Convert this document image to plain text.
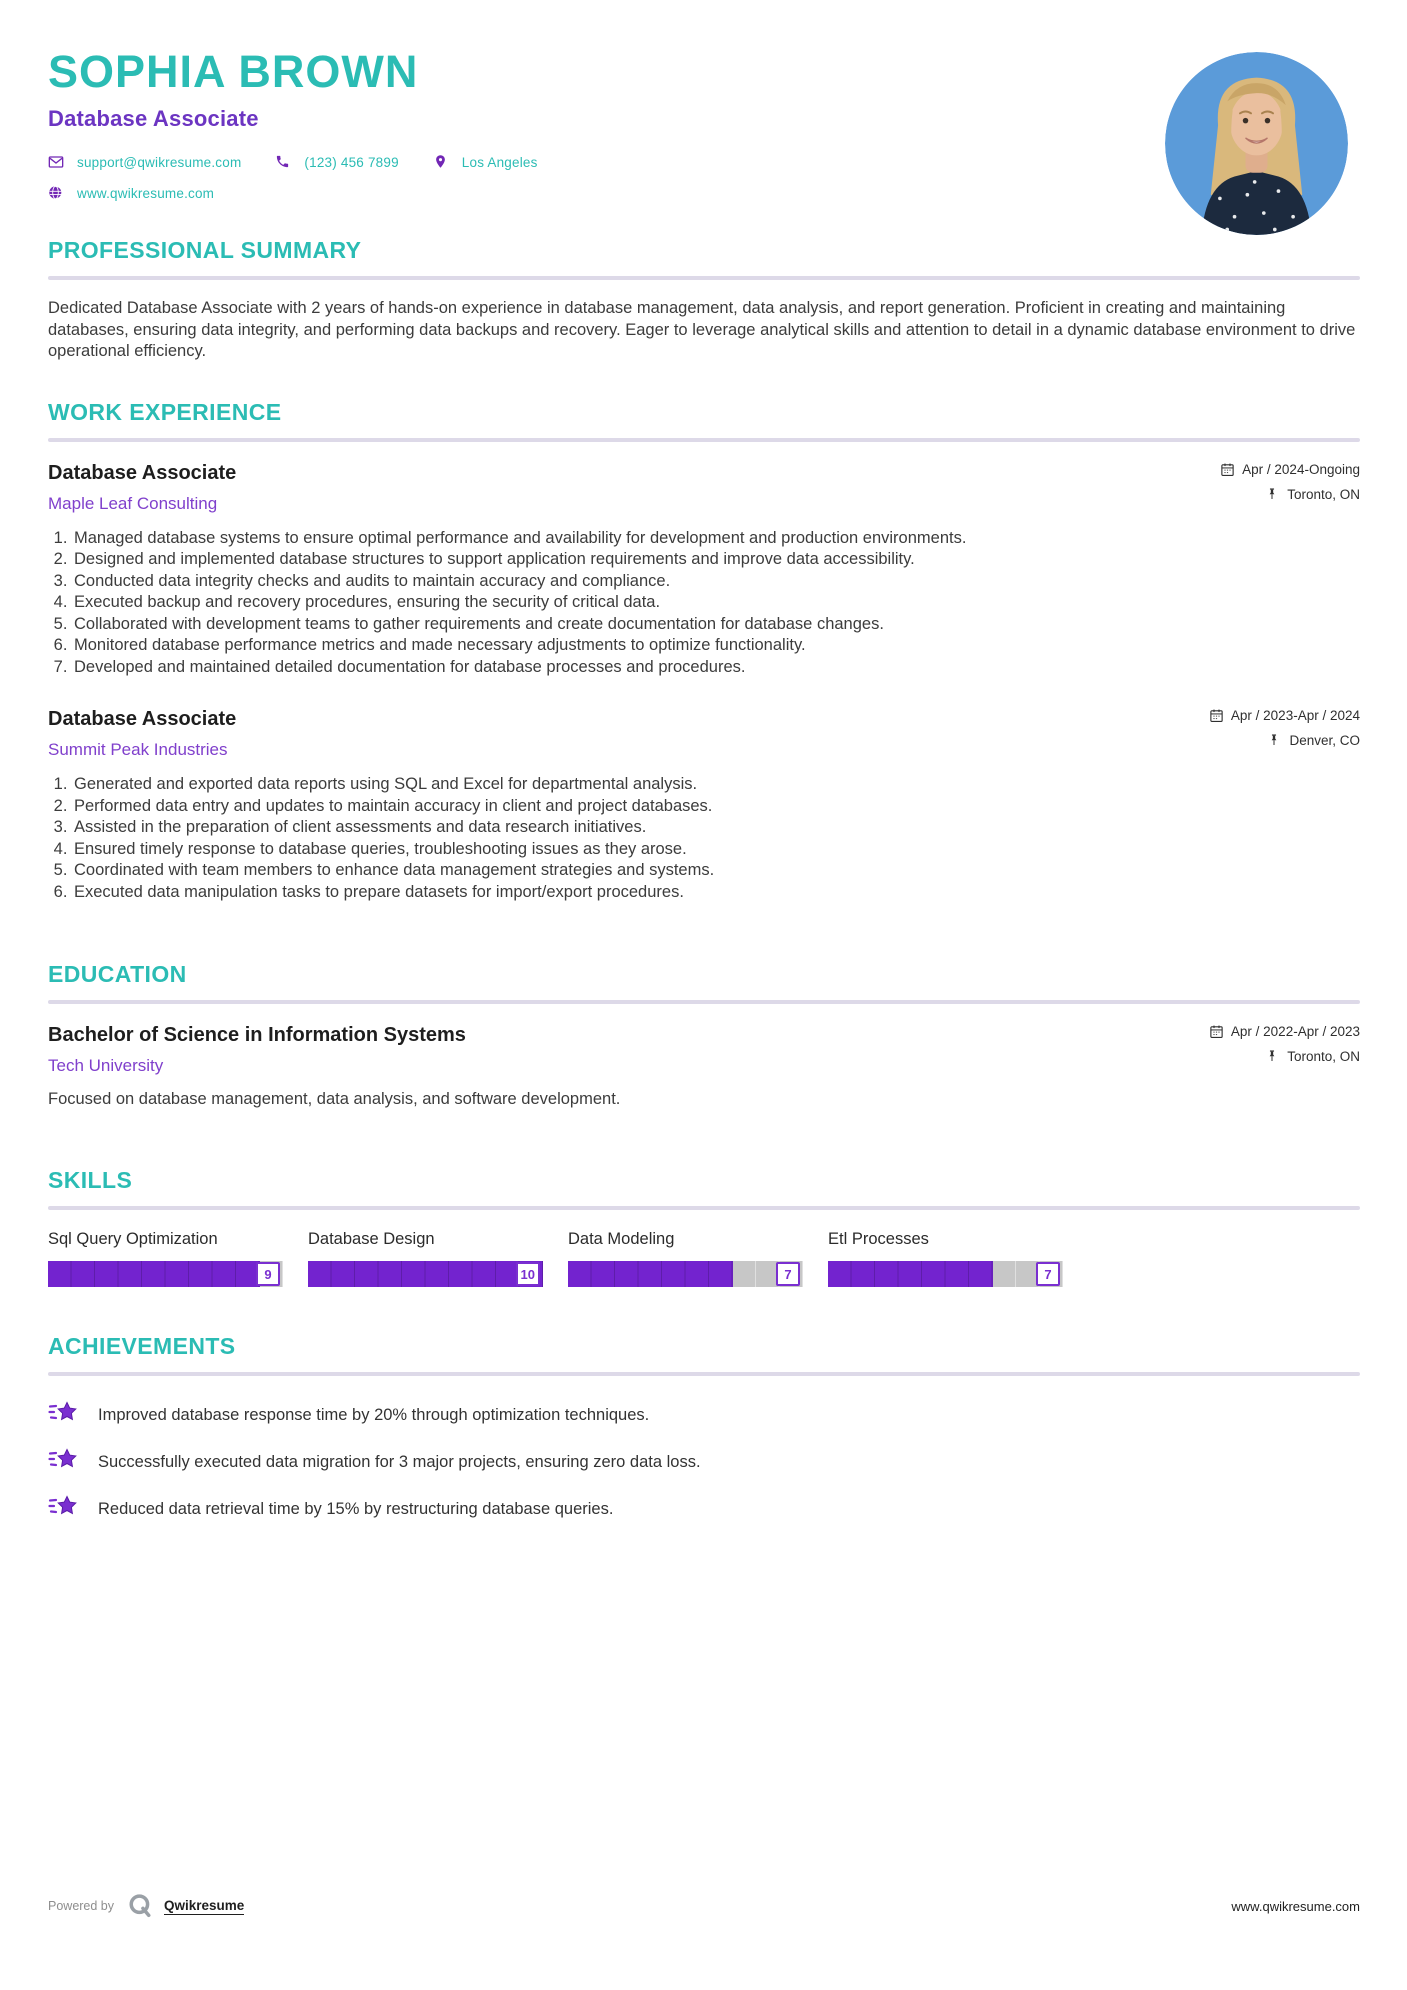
SOPHIA BROWN
Database Associate
support@qwikresume.com	(123) 456 7899	Los Angeles
www.qwikresume.com
PROFESSIONAL SUMMARY

Dedicated Database Associate with 2 years of hands-on experience in database management, data analysis, and report generation. Proficient in creating and maintaining databases, ensuring data integrity, and performing data backups and recovery. Eager to leverage analytical skills and attention to detail in a dynamic database environment to drive operational efficiency.

WORK EXPERIENCE
Database Associate
Maple Leaf Consulting
Apr / 2024-Ongoing
Toronto, ON
1. Managed database systems to ensure optimal performance and availability for development and production environments.
2. Designed and implemented database structures to support application requirements and improve data accessibility.
3. Conducted data integrity checks and audits to maintain accuracy and compliance.
4. Executed backup and recovery procedures, ensuring the security of critical data.
5. Collaborated with development teams to gather requirements and create documentation for database changes.
6. Monitored database performance metrics and made necessary adjustments to optimize functionality.
7. Developed and maintained detailed documentation for database processes and procedures.
Database Associate
Summit Peak Industries
Apr / 2023-Apr / 2024
Denver, CO
1. Generated and exported data reports using SQL and Excel for departmental analysis.
2. Performed data entry and updates to maintain accuracy in client and project databases.
3. Assisted in the preparation of client assessments and data research initiatives.
4. Ensured timely response to database queries, troubleshooting issues as they arose.
5. Coordinated with team members to enhance data management strategies and systems.
6. Executed data manipulation tasks to prepare datasets for import/export procedures.
EDUCATION
Bachelor of Science in Information Systems
Tech University
Apr / 2022-Apr / 2023
Toronto, ON

Focused on database management, data analysis, and software development.

SKILLS
Sql Query Optimization
9
Database Design
10
Data Modeling
7
Etl Processes
7
ACHIEVEMENTS
Improved database response time by 20% through optimization techniques.
Successfully executed data migration for 3 major projects, ensuring zero data loss.
Reduced data retrieval time by 15% by restructuring database queries.
Powered by	Qwikresume	www.qwikresume.com
